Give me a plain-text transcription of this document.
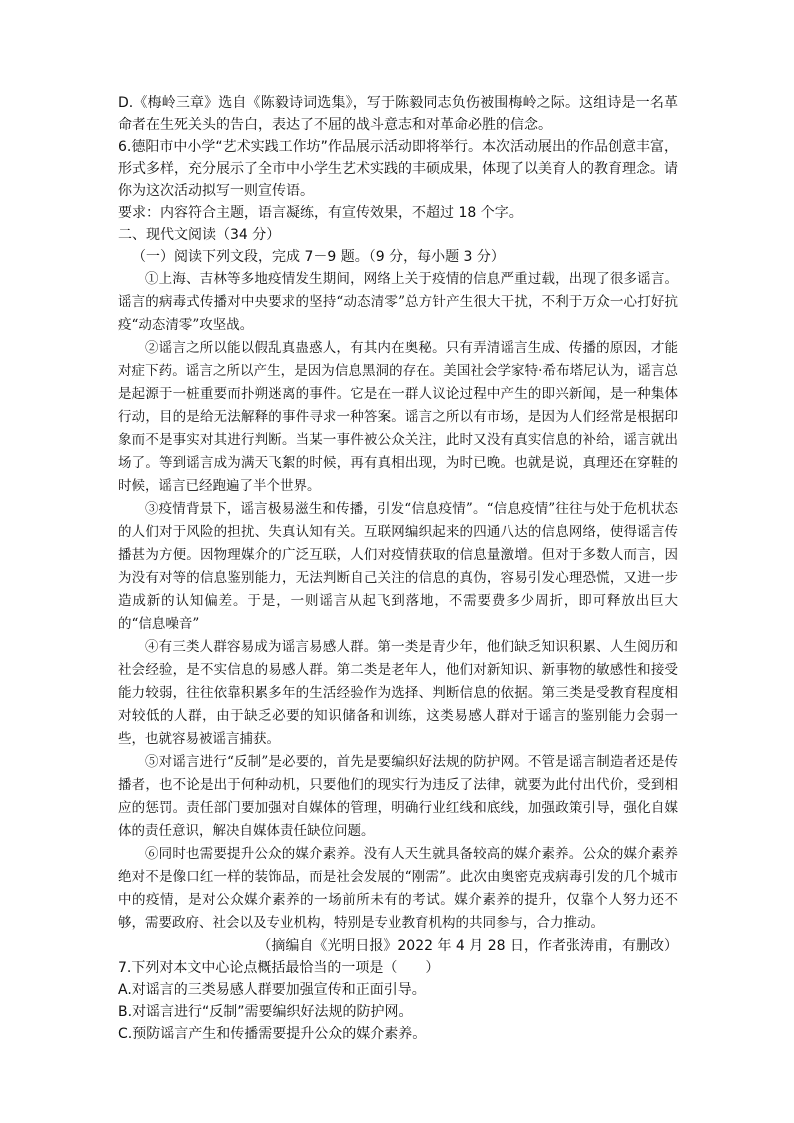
D.《梅岭三章》选自《陈毅诗词选集》，写于陈毅同志负伤被围梅岭之际。这组诗是一名革命者在生死关头的告白，表达了不屈的战斗意志和对革命必胜的信念。

6.德阳市中小学“艺术实践工作坊”作品展示活动即将举行。本次活动展出的作品创意丰富，形式多样，充分展示了全市中小学生艺术实践的丰硕成果，体现了以美育人的教育理念。请你为这次活动拟写一则宣传语。

要求：内容符合主题，语言凝练，有宣传效果，不超过 18 个字。

二、现代文阅读（34 分）

（一）阅读下列文段，完成 7－9 题。（9 分，每小题 3 分）

①上海、吉林等多地疫情发生期间，网络上关于疫情的信息严重过载，出现了很多谣言。谣言的病毒式传播对中央要求的坚持“动态清零”总方针产生很大干扰，不利于万众一心打好抗疫“动态清零”攻坚战。

②谣言之所以能以假乱真蛊惑人，有其内在奥秘。只有弄清谣言生成、传播的原因，才能对症下药。谣言之所以产生，是因为信息黑洞的存在。美国社会学家特·希布塔尼认为，谣言总是起源于一桩重要而扑朔迷离的事件。它是在一群人议论过程中产生的即兴新闻，是一种集体行动，目的是给无法解释的事件寻求一种答案。谣言之所以有市场，是因为人们经常是根据印象而不是事实对其进行判断。当某一事件被公众关注，此时又没有真实信息的补给，谣言就出场了。等到谣言成为满天飞絮的时候，再有真相出现，为时已晚。也就是说，真理还在穿鞋的时候，谣言已经跑遍了半个世界。

③疫情背景下，谣言极易滋生和传播，引发“信息疫情”。“信息疫情”往往与处于危机状态的人们对于风险的担扰、失真认知有关。互联网编织起来的四通八达的信息网络，使得谣言传播甚为方便。因物理媒介的广泛互联，人们对疫情获取的信息量激增。但对于多数人而言，因为没有对等的信息鉴别能力，无法判断自己关注的信息的真伪，容易引发心理恐慌，又进一步造成新的认知偏差。于是，一则谣言从起飞到落地，不需要费多少周折，即可释放出巨大的“信息噪音”

④有三类人群容易成为谣言易感人群。第一类是青少年，他们缺乏知识积累、人生阅历和社会经验，是不实信息的易感人群。第二类是老年人，他们对新知识、新事物的敏感性和接受能力较弱，往往依靠积累多年的生活经验作为选择、判断信息的依据。第三类是受教育程度相对较低的人群，由于缺乏必要的知识储备和训练，这类易感人群对于谣言的鉴别能力会弱一些，也就容易被谣言捕获。

⑤对谣言进行“反制”是必要的，首先是要编织好法规的防护网。不管是谣言制造者还是传播者，也不论是出于何种动机，只要他们的现实行为违反了法律，就要为此付出代价，受到相应的惩罚。责任部门要加强对自媒体的管理，明确行业红线和底线，加强政策引导，强化自媒体的责任意识，解决自媒体责任缺位问题。

⑥同时也需要提升公众的媒介素养。没有人天生就具备较高的媒介素养。公众的媒介素养绝对不是像口红一样的装饰品，而是社会发展的“刚需”。此次由奥密克戎病毒引发的几个城市中的疫情，是对公众媒介素养的一场前所未有的考试。媒介素养的提升，仅靠个人努力还不够，需要政府、社会以及专业机构，特别是专业教育机构的共同参与，合力推动。

（摘编自《光明日报》2022 年 4 月 28 日，作者张涛甫，有删改）

7.下列对本文中心论点概括最恰当的一项是（　　）

A.对谣言的三类易感人群要加强宣传和正面引导。

B.对谣言进行“反制”需要编织好法规的防护网。

C.预防谣言产生和传播需要提升公众的媒介素养。
